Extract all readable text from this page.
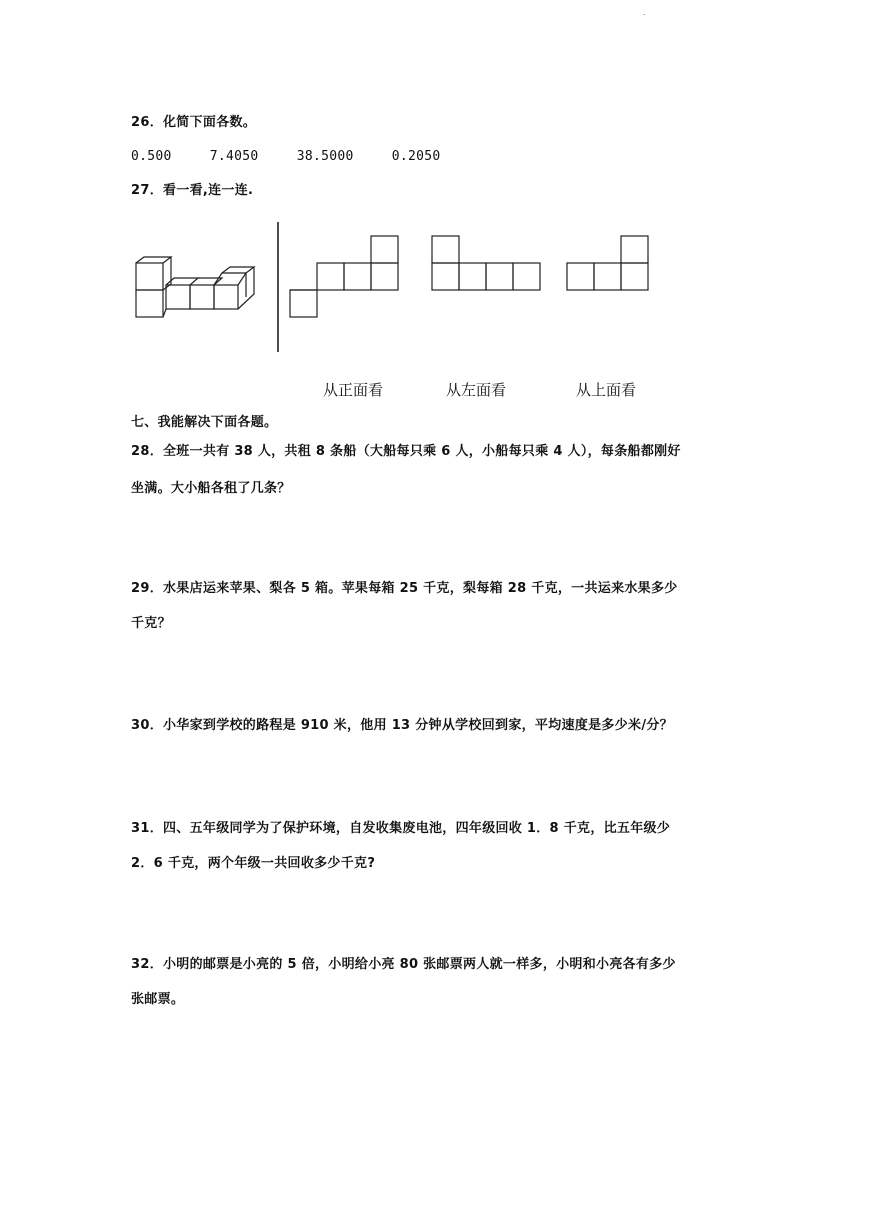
.
26．化简下面各数。
0.500	7.4050	38.5000	0.2050
27．看一看,连一连.
从正面看	从左面看	从上面看
七、我能解决下面各题。
28．全班一共有 38 人，共租 8 条船（大船每只乘 6 人，小船每只乘 4 人），每条船都刚好
坐满。大小船各租了几条？
29．水果店运来苹果、梨各 5 箱。苹果每箱 25 千克，梨每箱 28 千克，一共运来水果多少
千克？
30．小华家到学校的路程是 910 米，他用 13 分钟从学校回到家，平均速度是多少米/分？
31．四、五年级同学为了保护环境，自发收集废电池，四年级回收 1．8 千克，比五年级少
2．6 千克，两个年级一共回收多少千克?
32．小明的邮票是小亮的 5 倍，小明给小亮 80 张邮票两人就一样多，小明和小亮各有多少
张邮票。
